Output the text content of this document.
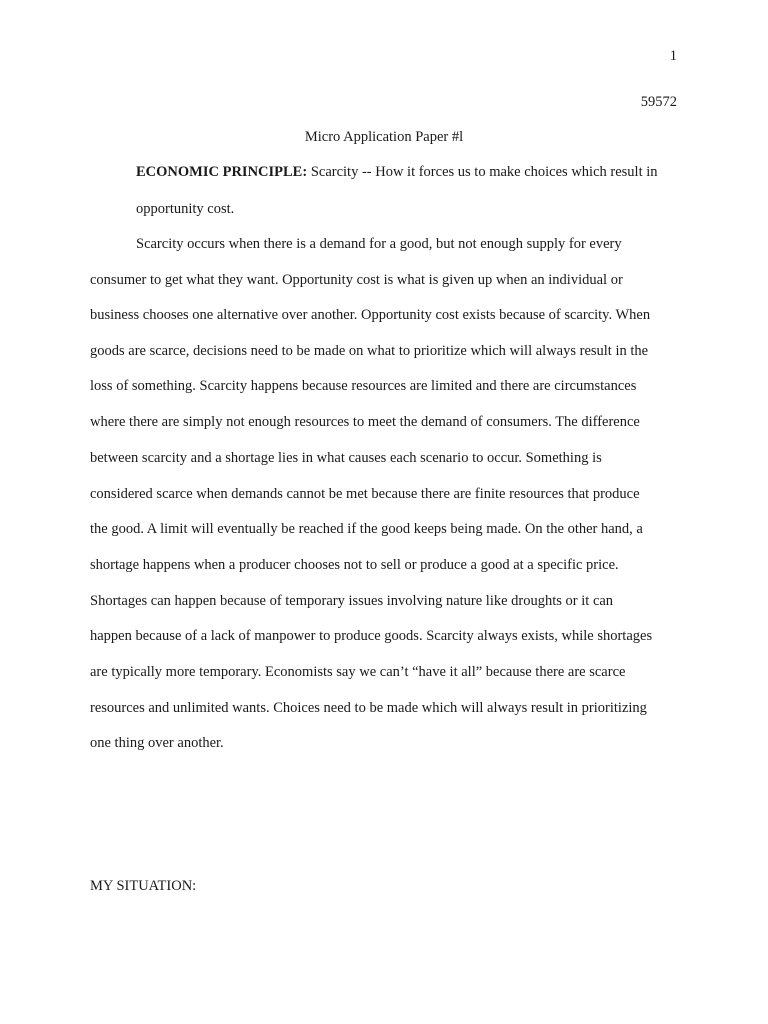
1
59572
Micro Application Paper #l
ECONOMIC PRINCIPLE: Scarcity -- How it forces us to make choices which result in
opportunity cost.
Scarcity occurs when there is a demand for a good, but not enough supply for every
consumer to get what they want. Opportunity cost is what is given up when an individual or
business chooses one alternative over another. Opportunity cost exists because of scarcity. When
goods are scarce, decisions need to be made on what to prioritize which will always result in the
loss of something. Scarcity happens because resources are limited and there are circumstances
where there are simply not enough resources to meet the demand of consumers. The difference
between scarcity and a shortage lies in what causes each scenario to occur. Something is
considered scarce when demands cannot be met because there are finite resources that produce
the good. A limit will eventually be reached if the good keeps being made. On the other hand, a
shortage happens when a producer chooses not to sell or produce a good at a specific price.
Shortages can happen because of temporary issues involving nature like droughts or it can
happen because of a lack of manpower to produce goods. Scarcity always exists, while shortages
are typically more temporary. Economists say we can’t “have it all” because there are scarce
resources and unlimited wants. Choices need to be made which will always result in prioritizing
one thing over another.
MY SITUATION:
